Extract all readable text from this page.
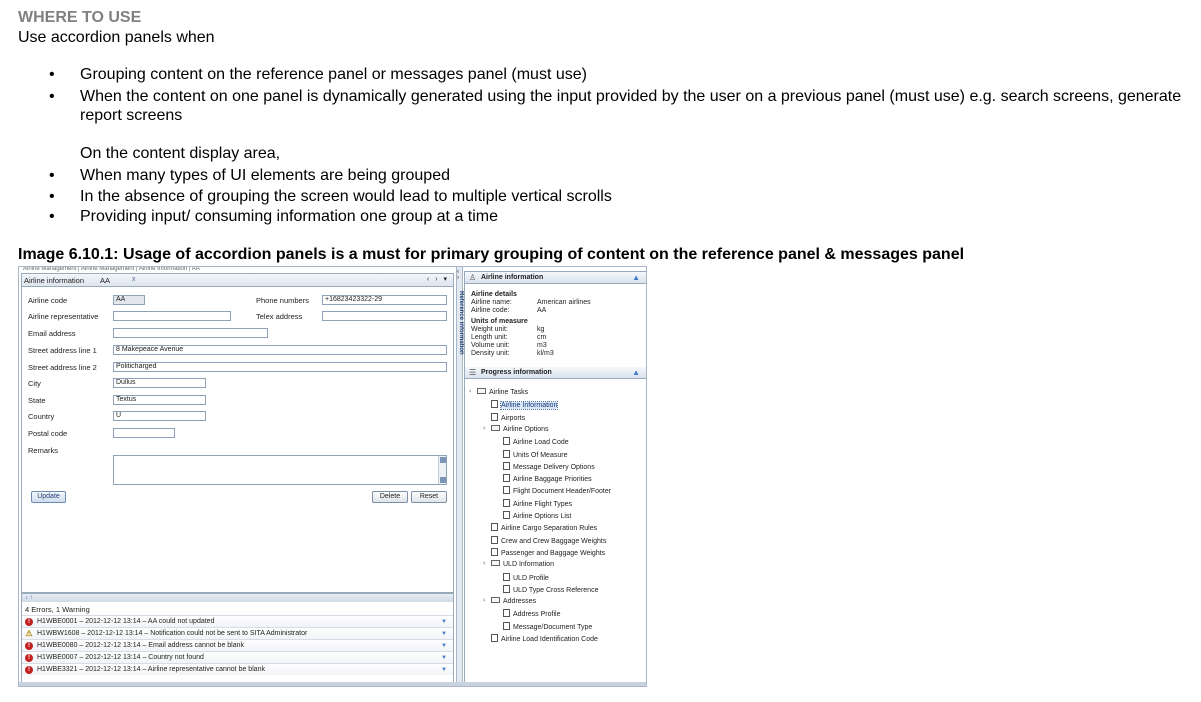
WHERE TO USE
Use accordion panels when
• Grouping content on the reference panel or messages panel (must use)
• When the content on one panel is dynamically generated using the input provided by the user on a previous panel (must use) e.g. search screens, generate report screens
On the content display area,
• When many types of UI elements are being grouped
• In the absence of grouping the screen would lead to multiple vertical scrolls
• Providing input/ consuming information one group at a time
Image 6.10.1: Usage of accordion panels is a must for primary grouping of content on the reference panel & messages panel
Airline Management | Airline Management | Airline Information | AA
Airline information AA	x	‹ › ▾
Airline code	AA	Phone numbers	+16823423322-29
Airline representative	Telex address
Email address
Street address line 1	8 Makepeace Avenue
Street address line 2	Politicharged
City	Dullus
State	Textus
Country	U
Postal code
Remarks
Update	Delete	Reset
↓ ↑
4 Errors, 1 Warning
!	H1WBE0001 – 2012-12-12 13:14 – AA could not updated	▼
⚠ H1WBW1608 – 2012-12-12 13:14 – Notification could not be sent to SITA Administrator	▼
!	H1WBE0080 – 2012-12-12 13:14 – Email address cannot be blank	▼
!	H1WBE0007 – 2012-12-12 13:14 – Country not found	▼
!	H1WBE3321 – 2012-12-12 13:14 – Airline representative cannot be blank	▼
‹ ›
Reference information
♙ Airline information	▲
Airline details
Airline name:	American airlines
Airline code:	AA
Units of measure
Weight unit:	kg
Length unit:	cm
Volume unit:	m3
Density unit:	kl/m3
☰ Progress information	▲
♀ Airline Tasks
Airline Information
Airports
♀ Airline Options
Airline Load Code
Units Of Measure
Message Delivery Options
Airline Baggage Priorities
Flight Document Header/Footer
Airline Flight Types
Airline Options List
Airline Cargo Separation Rules
Crew and Crew Baggage Weights
Passenger and Baggage Weights
♀ ULD Information
ULD Profile
ULD Type Cross Reference
♀ Addresses
Address Profile
Message/Document Type
Airline Load Identification Code
